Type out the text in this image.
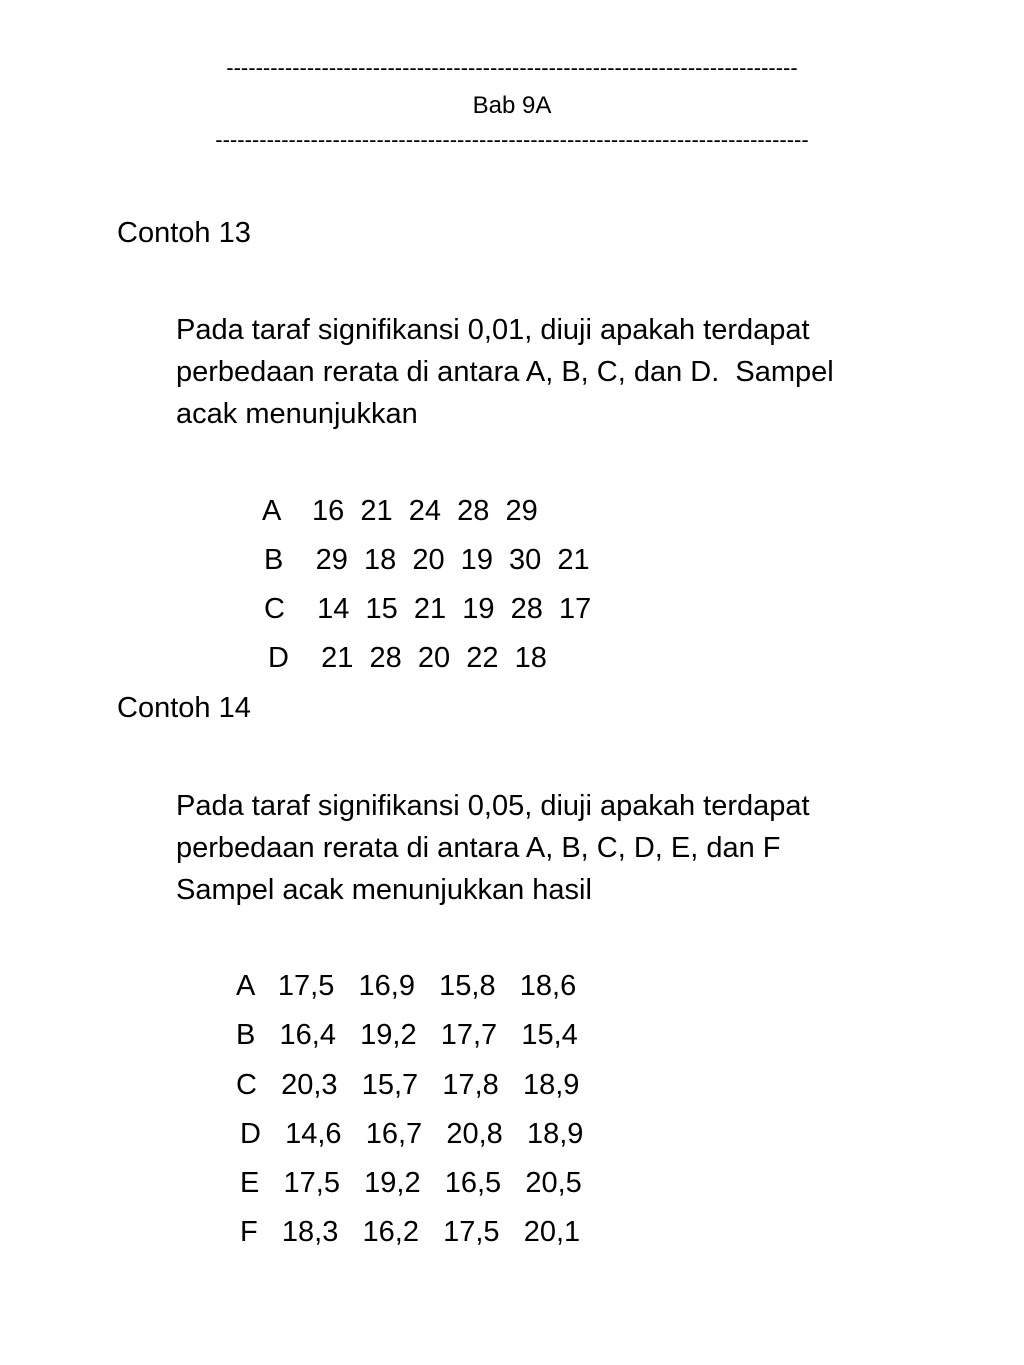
------------------------------------------------------------------------------
Bab 9A
---------------------------------------------------------------------------------
Contoh 13
Pada taraf signifikansi 0,01, diuji apakah terdapat
perbedaan rerata di antara A, B, C, dan D.  Sampel
acak menunjukkan
A    16  21  24  28  29
B    29  18  20  19  30  21
C    14  15  21  19  28  17
D    21  28  20  22  18
Contoh 14
Pada taraf signifikansi 0,05, diuji apakah terdapat
perbedaan rerata di antara A, B, C, D, E, dan F
Sampel acak menunjukkan hasil
A   17,5   16,9   15,8   18,6
B   16,4   19,2   17,7   15,4
C   20,3   15,7   17,8   18,9
D   14,6   16,7   20,8   18,9
E   17,5   19,2   16,5   20,5
F   18,3   16,2   17,5   20,1
